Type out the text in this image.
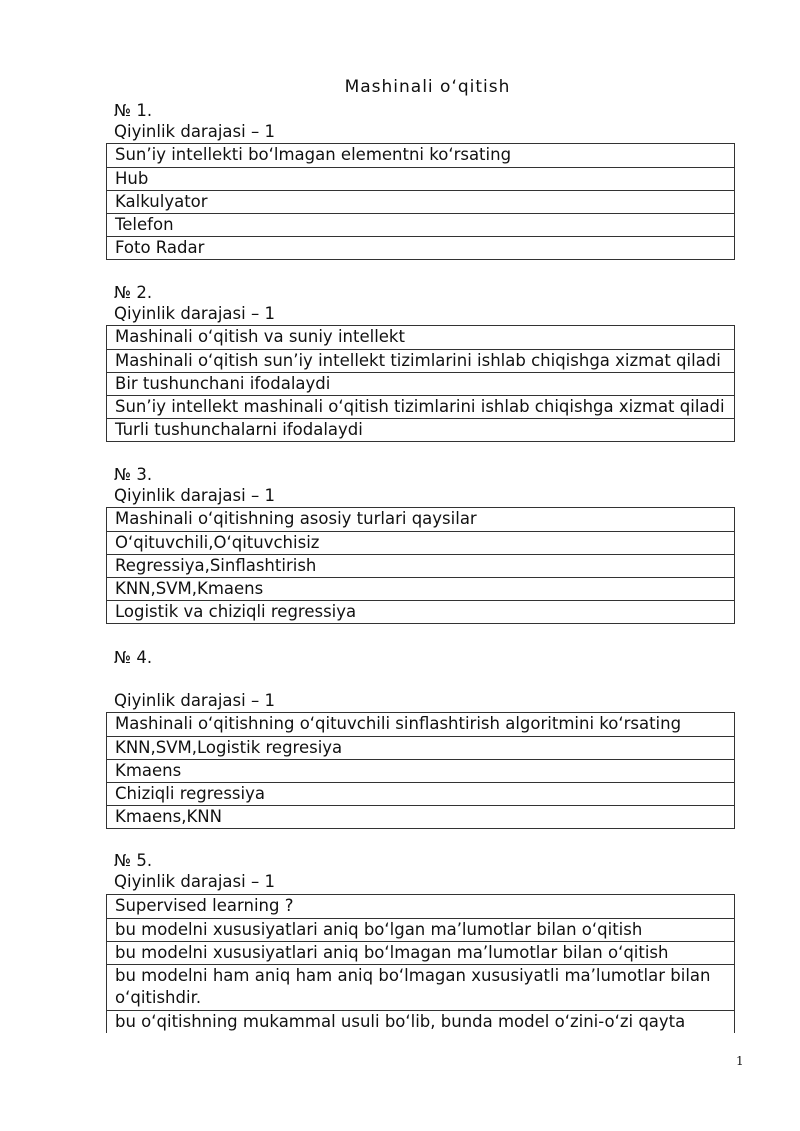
Mashinali o‘qitish
№ 1.
Qiyinlik darajasi – 1
Sun’iy intellekti bo‘lmagan elementni ko‘rsating
Hub
Kalkulyator
Telefon
Foto Radar
№ 2.
Qiyinlik darajasi – 1
Mashinali o‘qitish va suniy intellekt
Mashinali o‘qitish sun’iy intellekt tizimlarini ishlab chiqishga xizmat qiladi
Bir tushunchani ifodalaydi
Sun’iy intellekt mashinali o‘qitish tizimlarini ishlab chiqishga xizmat qiladi
Turli tushunchalarni ifodalaydi
№ 3.
Qiyinlik darajasi – 1
Mashinali o‘qitishning asosiy turlari qaysilar
O‘qituvchili,O‘qituvchisiz
Regressiya,Sinflashtirish
KNN,SVM,Kmaens
Logistik va chiziqli regressiya
№ 4.
Qiyinlik darajasi – 1
Mashinali o‘qitishning o‘qituvchili sinflashtirish algoritmini ko‘rsating
KNN,SVM,Logistik regresiya
Kmaens
Chiziqli regressiya
Kmaens,KNN
№ 5.
Qiyinlik darajasi – 1
Supervised learning ?
bu modelni xususiyatlari aniq bo‘lgan ma’lumotlar bilan o‘qitish
bu modelni xususiyatlari aniq bo‘lmagan ma’lumotlar bilan o‘qitish
bu modelni ham aniq ham aniq bo‘lmagan xususiyatli ma’lumotlar bilan o‘qitishdir.
bu o‘qitishning mukammal usuli bo‘lib, bunda model o‘zini-o‘zi qayta
1
